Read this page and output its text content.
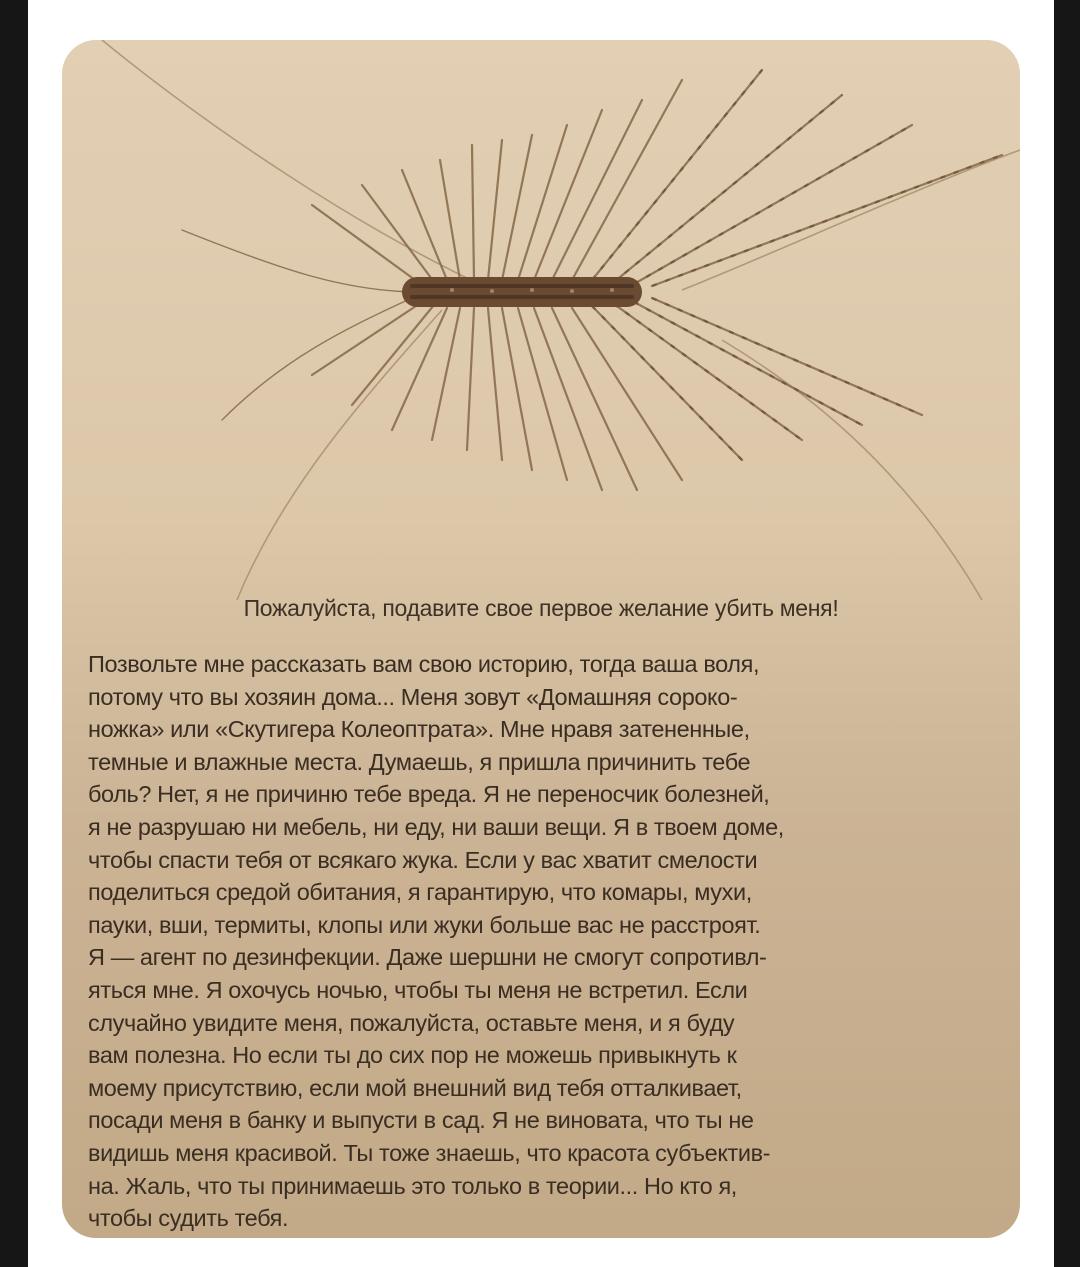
Пожалуйста, подавите свое первое желание убить меня!

Позвольте мне рассказать вам свою историю, тогда ваша воля,
потому что вы хозяин дома... Меня зовут «Домашняя сороко-
ножка» или «Скутигера Колеоптрата». Мне нравя затененные,
темные и влажные места. Думаешь, я пришла причинить тебе
боль? Нет, я не причиню тебе вреда. Я не переносчик болезней,
я не разрушаю ни мебель, ни еду, ни ваши вещи. Я в твоем доме,
чтобы спасти тебя от всякаго жука. Если у вас хватит смелости
поделиться средой обитания, я гарантирую, что комары, мухи,
пауки, вши, термиты, клопы или жуки больше вас не расстроят.
Я — агент по дезинфекции. Даже шершни не смогут сопротивл-
яться мне. Я охочусь ночью, чтобы ты меня не встретил. Если
случайно увидите меня, пожалуйста, оставьте меня, и я буду
вам полезна. Но если ты до сих пор не можешь привыкнуть к
моему присутствию, если мой внешний вид тебя отталкивает,
посади меня в банку и выпусти в сад. Я не виновата, что ты не
видишь меня красивой. Ты тоже знаешь, что красота субъектив-
на. Жаль, что ты принимаешь это только в теории... Но кто я,
чтобы судить тебя.
